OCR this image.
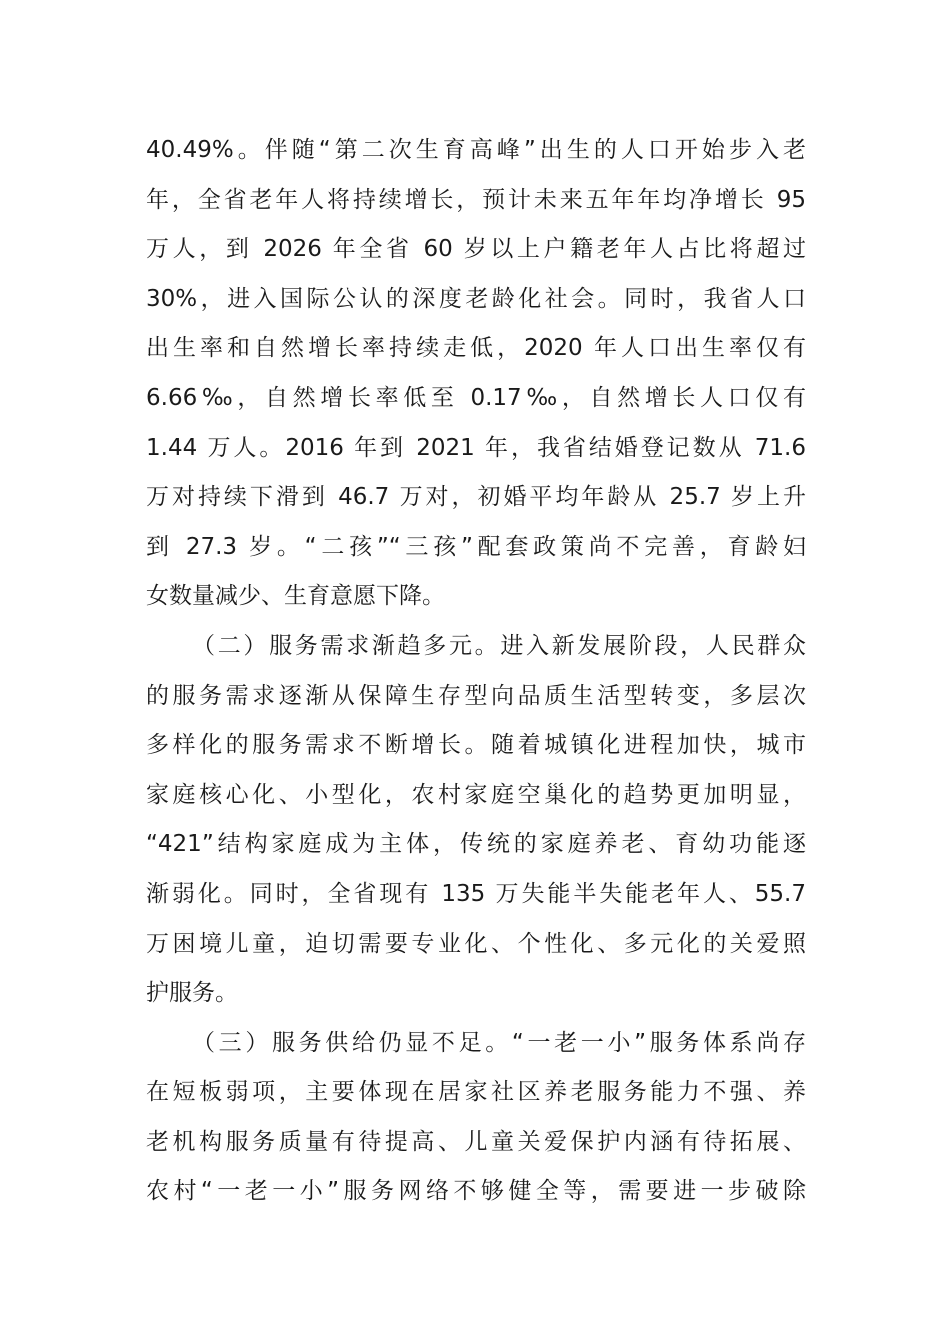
40.49%。伴随“第二次生育高峰”出生的人口开始步入老
年，全省老年人将持续增长，预计未来五年年均净增长 95
万人，到 2026 年全省 60 岁以上户籍老年人占比将超过
30%，进入国际公认的深度老龄化社会。同时，我省人口
出生率和自然增长率持续走低，2020 年人口出生率仅有
6.66‰，自然增长率低至 0.17‰，自然增长人口仅有
1.44 万人。2016 年到 2021 年，我省结婚登记数从 71.6
万对持续下滑到 46.7 万对，初婚平均年龄从 25.7 岁上升
到 27.3 岁。“二孩”“三孩”配套政策尚不完善，育龄妇
女数量减少、生育意愿下降。
（二）服务需求渐趋多元。进入新发展阶段，人民群众
的服务需求逐渐从保障生存型向品质生活型转变，多层次
多样化的服务需求不断增长。随着城镇化进程加快，城市
家庭核心化、小型化，农村家庭空巢化的趋势更加明显，
“421”结构家庭成为主体，传统的家庭养老、育幼功能逐
渐弱化。同时，全省现有 135 万失能半失能老年人、55.7
万困境儿童，迫切需要专业化、个性化、多元化的关爱照
护服务。
（三）服务供给仍显不足。“一老一小”服务体系尚存
在短板弱项，主要体现在居家社区养老服务能力不强、养
老机构服务质量有待提高、儿童关爱保护内涵有待拓展、
农村“一老一小”服务网络不够健全等，需要进一步破除
